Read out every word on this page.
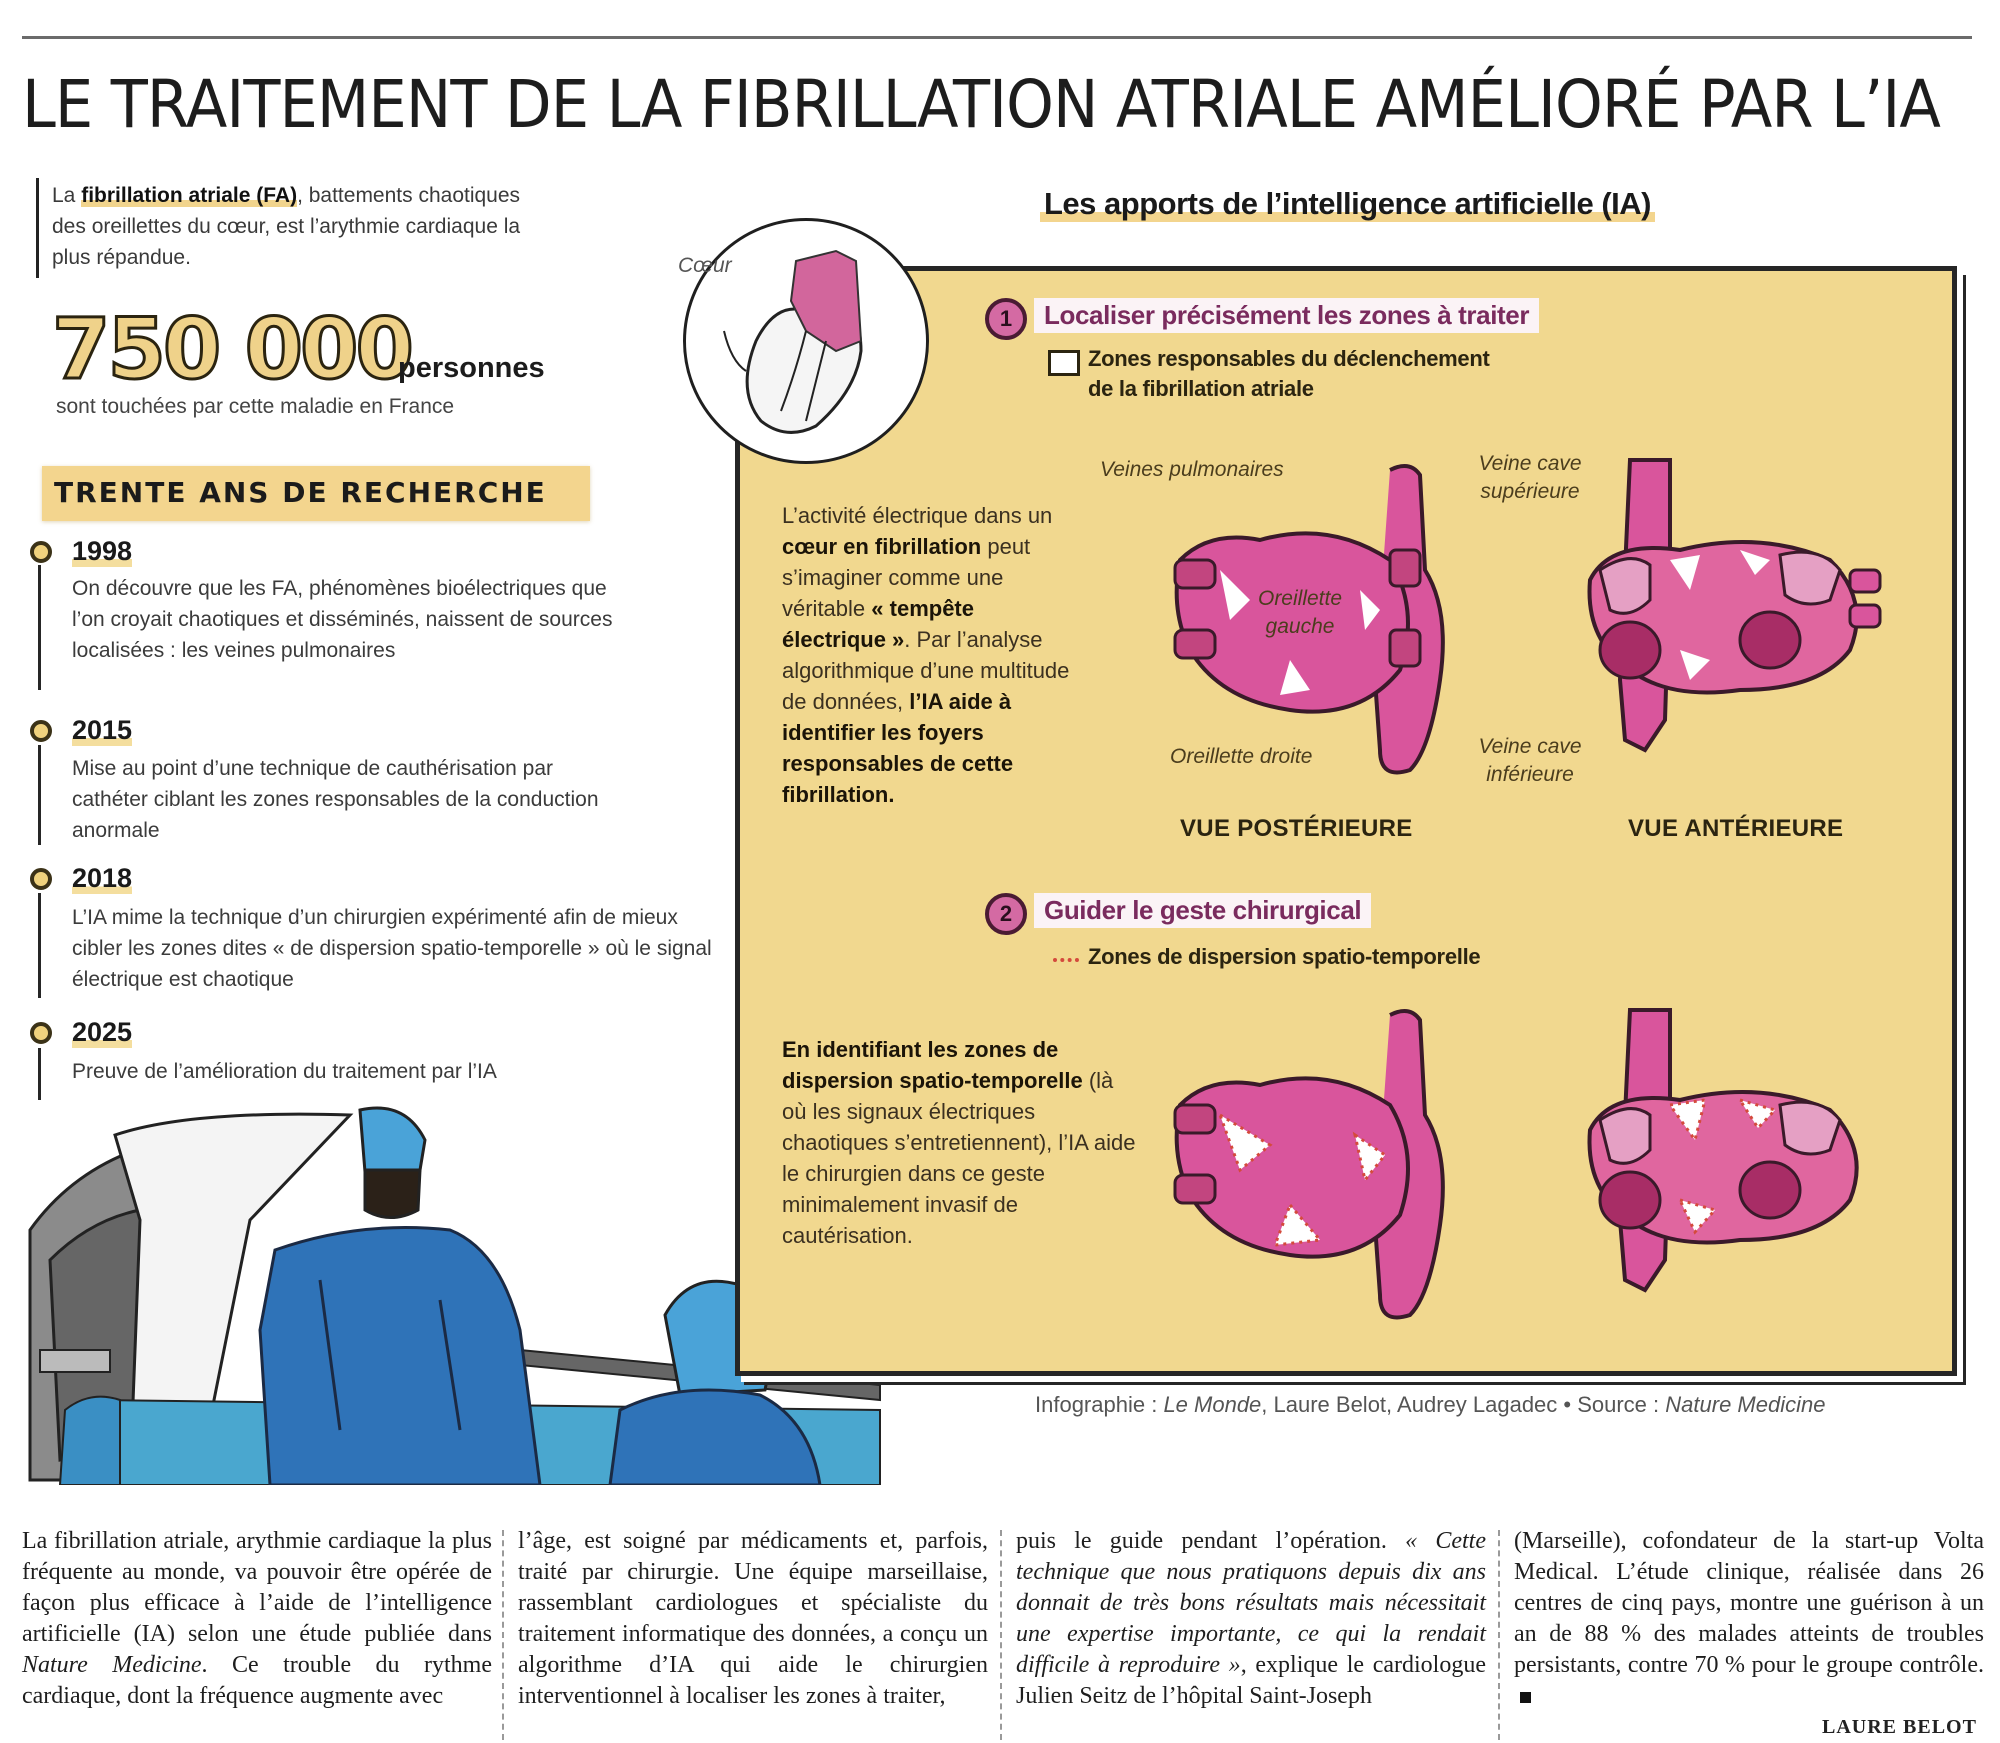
LE TRAITEMENT DE LA FIBRILLATION ATRIALE AMÉLIORÉ PAR L’IA
La fibrillation atriale (FA), battements chaotiques des oreillettes du cœur, est l’arythmie cardiaque la plus répandue.
750 000
personnes
sont touchées par cette maladie en France
TRENTE ANS DE RECHERCHE
1998
On découvre que les FA, phénomènes bioélectriques que l’on croyait chaotiques et disséminés, naissent de sources localisées : les veines pulmonaires
2015
Mise au point d’une technique de cauthérisation par cathéter ciblant les zones responsables de la conduction anormale
2018
L’IA mime la technique d’un chirurgien expérimenté afin de mieux cibler les zones dites « de dispersion spatio-temporelle » où le signal électrique est chaotique
2025
Preuve de l’amélioration du traitement par l’IA
Les apports de l’intelligence artificielle (IA)
Cœur
1	Localiser précisément les zones à traiter
Zones responsables du déclenchement
de la fibrillation atriale
L’activité électrique dans un cœur en fibrillation peut s’imaginer comme une véritable « tempête électrique ». Par l’analyse algorithmique d’une multitude de données, l’IA aide à identifier les foyers responsables de cette fibrillation.
Veines pulmonaires
Oreillette gauche
Oreillette droite
Veine cave supérieure
Veine cave inférieure
VUE POSTÉRIEURE	VUE ANTÉRIEURE
2	Guider le geste chirurgical
Zones de dispersion spatio-temporelle
En identifiant les zones de dispersion spatio-temporelle (là où les signaux électriques chaotiques s’entretiennent), l’IA aide le chirurgien dans ce geste minimalement invasif de cautérisation.
Infographie : Le Monde, Laure Belot, Audrey Lagadec • Source : Nature Medicine
La fibrillation atriale, arythmie cardiaque la plus fréquente au monde, va pouvoir être opérée de façon plus efficace à l’aide de l’intelligence artificielle (IA) selon une étude publiée dans Nature Medicine. Ce trouble du rythme cardiaque, dont la fréquence augmente avec
l’âge, est soigné par médicaments et, parfois, traité par chirurgie. Une équipe marseillaise, rassemblant cardiologues et spécialiste du traitement informatique des données, a conçu un algorithme d’IA qui aide le chirurgien interventionnel à localiser les zones à traiter,
puis le guide pendant l’opération. « Cette technique que nous pratiquons depuis dix ans donnait de très bons résultats mais nécessitait une expertise importante, ce qui la rendait difficile à reproduire », explique le cardiologue Julien Seitz de l’hôpital Saint-Joseph
(Marseille), cofondateur de la start-up Volta Medical. L’étude clinique, réalisée dans 26 centres de cinq pays, montre une guérison à un an de 88 % des malades atteints de troubles persistants, contre 70 % pour le groupe contrôle.
LAURE BELOT
